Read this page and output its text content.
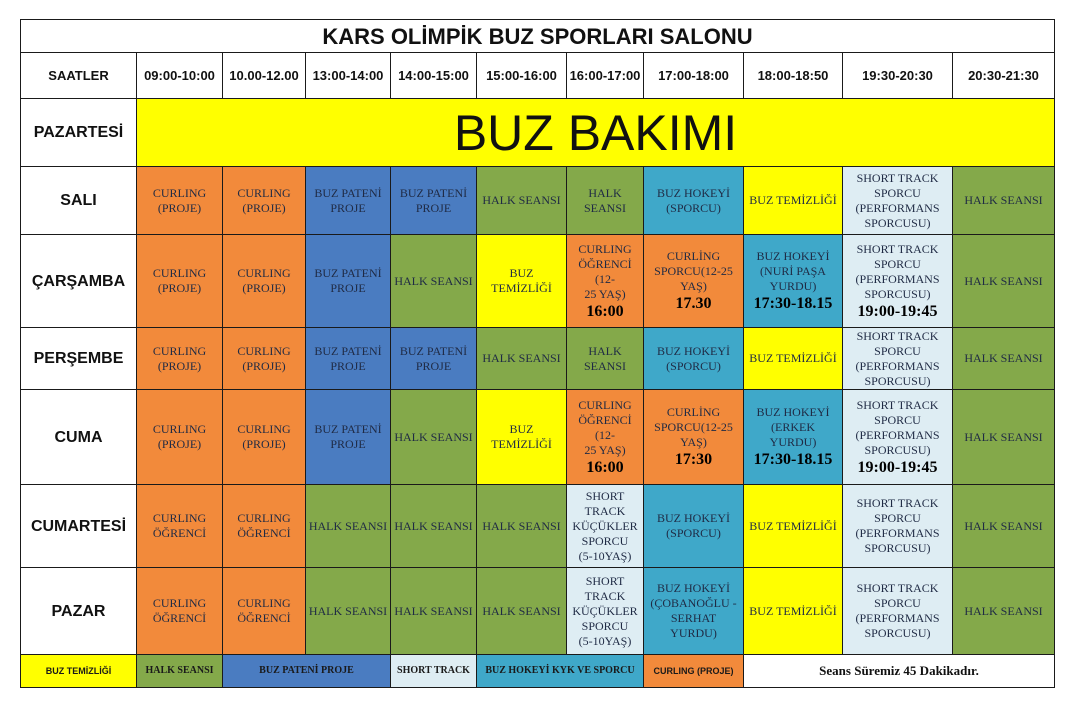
KARS OLİMPİK BUZ SPORLARI SALONU										
SAATLER	09:00-10:00	10.00-12.00	13:00-14:00	14:00-15:00	15:00-16:00	16:00-17:00	17:00-18:00	18:00-18:50	19:30-20:30	20:30-21:30
PAZARTESİ	BUZ BAKIMI									
SALI	CURLING
(PROJE)	CURLING
(PROJE)	BUZ PATENİ
PROJE	BUZ PATENİ
PROJE	HALK SEANSI	HALK
SEANSI	BUZ HOKEYİ
(SPORCU)	BUZ TEMİZLİĞİ	SHORT TRACK
SPORCU
(PERFORMANS
SPORCUSU)	HALK SEANSI

ÇARŞAMBA	CURLING
(PROJE)	CURLING
(PROJE)	BUZ PATENİ
PROJE	HALK SEANSI	BUZ
TEMİZLİĞİ	CURLING
ÖĞRENCİ (12-
25 YAŞ)
16:00	CURLİNG
SPORCU(12-25
YAŞ)
17.30	BUZ HOKEYİ
(NURİ PAŞA
YURDU)
17:30-18.15	SHORT TRACK
SPORCU
(PERFORMANS
SPORCUSU)
19:00-19:45	HALK SEANSI

PERŞEMBE	CURLING
(PROJE)	CURLING
(PROJE)	BUZ PATENİ
PROJE	BUZ PATENİ
PROJE	HALK SEANSI	HALK
SEANSI	BUZ HOKEYİ
(SPORCU)	BUZ TEMİZLİĞİ	SHORT TRACK
SPORCU
(PERFORMANS
SPORCUSU)	HALK SEANSI

CUMA	CURLING
(PROJE)	CURLING
(PROJE)	BUZ PATENİ
PROJE	HALK SEANSI	BUZ
TEMİZLİĞİ	CURLING
ÖĞRENCİ (12-
25 YAŞ)
16:00	CURLİNG
SPORCU(12-25
YAŞ)
17:30	BUZ HOKEYİ
(ERKEK
YURDU)
17:30-18.15	SHORT TRACK
SPORCU
(PERFORMANS
SPORCUSU)
19:00-19:45	HALK SEANSI

CUMARTESİ	CURLING
ÖĞRENCİ	CURLING
ÖĞRENCİ	HALK SEANSI	HALK SEANSI	HALK SEANSI	SHORT
TRACK
KÜÇÜKLER
SPORCU
(5-10YAŞ)	BUZ HOKEYİ
(SPORCU)	BUZ TEMİZLİĞİ	SHORT TRACK
SPORCU
(PERFORMANS
SPORCUSU)	HALK SEANSI

PAZAR	CURLING
ÖĞRENCİ	CURLING
ÖĞRENCİ	HALK SEANSI	HALK SEANSI	HALK SEANSI	SHORT
TRACK
KÜÇÜKLER
SPORCU
(5-10YAŞ)	BUZ HOKEYİ
(ÇOBANOĞLU -
SERHAT
YURDU)	BUZ TEMİZLİĞİ	SHORT TRACK
SPORCU
(PERFORMANS
SPORCUSU)	HALK SEANSI

BUZ TEMİZLİĞİ	HALK SEANSI	BUZ PATENİ PROJE		SHORT TRACK	BUZ HOKEYİ KYK VE SPORCU		CURLING (PROJE)	Seans Süremiz 45 Dakikadır.		
